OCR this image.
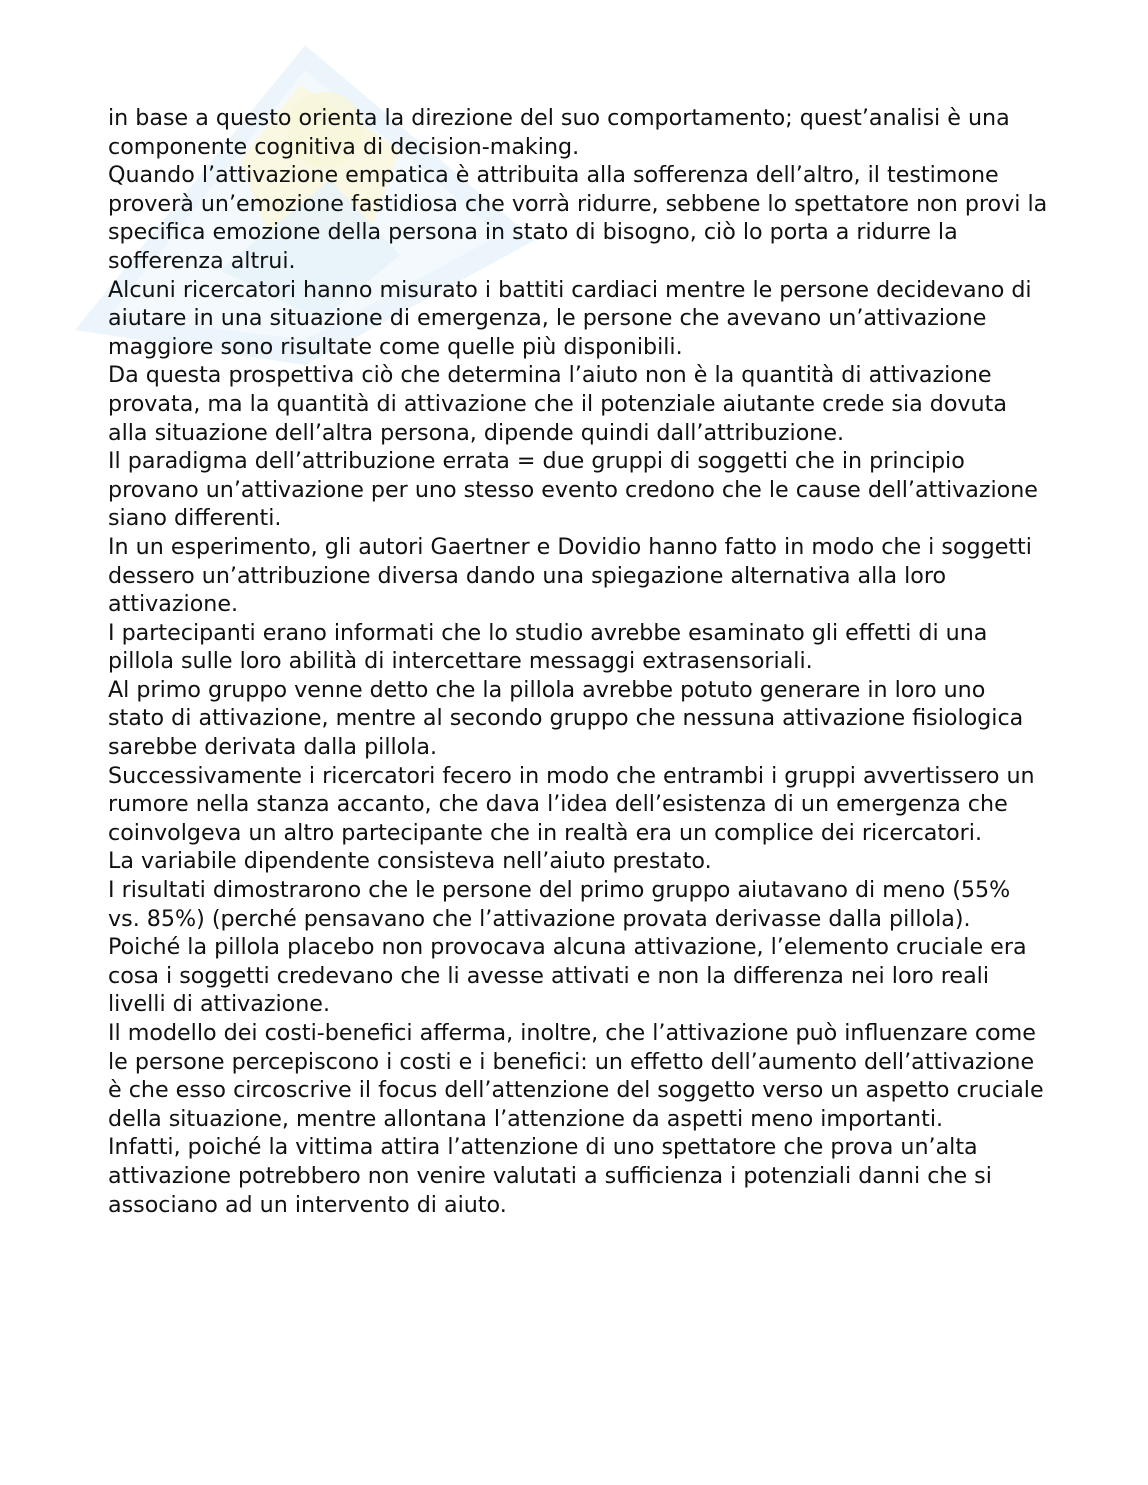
in base a questo orienta la direzione del suo comportamento; quest’analisi è una componente cognitiva di decision-making.

Quando l’attivazione empatica è attribuita alla sofferenza dell’altro, il testimone proverà un’emozione fastidiosa che vorrà ridurre, sebbene lo spettatore non provi la specifica emozione della persona in stato di bisogno, ciò lo porta a ridurre la sofferenza altrui.

Alcuni ricercatori hanno misurato i battiti cardiaci mentre le persone decidevano di aiutare in una situazione di emergenza, le persone che avevano un’attivazione maggiore sono risultate come quelle più disponibili.

Da questa prospettiva ciò che determina l’aiuto non è la quantità di attivazione provata, ma la quantità di attivazione che il potenziale aiutante crede sia dovuta alla situazione dell’altra persona, dipende quindi dall’attribuzione.

Il paradigma dell’attribuzione errata = due gruppi di soggetti che in principio provano un’attivazione per uno stesso evento credono che le cause dell’attivazione siano differenti.

In un esperimento, gli autori Gaertner e Dovidio hanno fatto in modo che i soggetti dessero un’attribuzione diversa dando una spiegazione alternativa alla loro attivazione.

I partecipanti erano informati che lo studio avrebbe esaminato gli effetti di una pillola sulle loro abilità di intercettare messaggi extrasensoriali.

Al primo gruppo venne detto che la pillola avrebbe potuto generare in loro uno stato di attivazione, mentre al secondo gruppo che nessuna attivazione fisiologica sarebbe derivata dalla pillola.

Successivamente i ricercatori fecero in modo che entrambi i gruppi avvertissero un rumore nella stanza accanto, che dava l’idea dell’esistenza di un emergenza che coinvolgeva un altro partecipante che in realtà era un complice dei ricercatori.

La variabile dipendente consisteva nell’aiuto prestato.

I risultati dimostrarono che le persone del primo gruppo aiutavano di meno (55% vs. 85%) (perché pensavano che l’attivazione provata derivasse dalla pillola).

Poiché la pillola placebo non provocava alcuna attivazione, l’elemento cruciale era cosa i soggetti credevano che li avesse attivati e non la differenza nei loro reali livelli di attivazione.

Il modello dei costi-benefici afferma, inoltre, che l’attivazione può influenzare come le persone percepiscono i costi e i benefici: un effetto dell’aumento dell’attivazione è che esso circoscrive il focus dell’attenzione del soggetto verso un aspetto cruciale della situazione, mentre allontana l’attenzione da aspetti meno importanti.

Infatti, poiché la vittima attira l’attenzione di uno spettatore che prova un’alta attivazione potrebbero non venire valutati a sufficienza i potenziali danni che si associano ad un intervento di aiuto.
